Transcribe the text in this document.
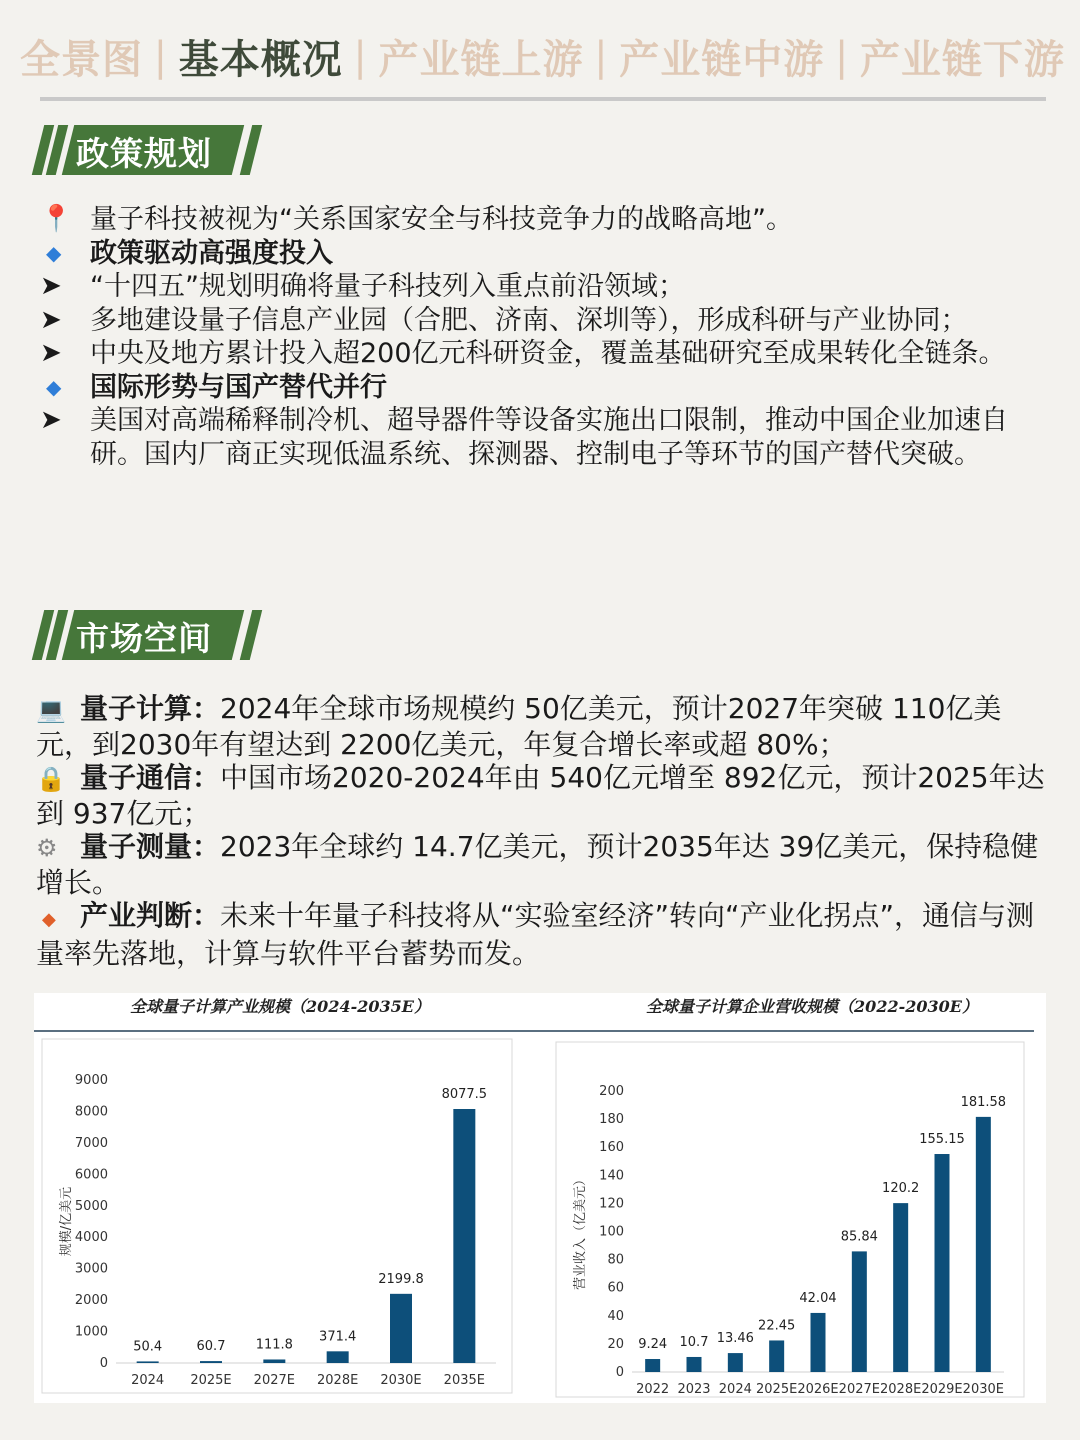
全景图 | 基本概况 | 产业链上游 | 产业链中游 | 产业链下游
政策规划
📍 量子科技被视为“关系国家安全与科技竞争力的战略高地”。
◆	政策驱动高强度投入
➤	“十四五”规划明确将量子科技列入重点前沿领域；
➤	多地建设量子信息产业园（合肥、济南、深圳等），形成科研与产业协同；
➤	中央及地方累计投入超200亿元科研资金，覆盖基础研究至成果转化全链条。
◆	国际形势与国产替代并行
➤	美国对高端稀释制冷机、超导器件等设备实施出口限制，推动中国企业加速自研。国内厂商正实现低温系统、探测器、控制电子等环节的国产替代突破。
市场空间

💻 量子计算：2024年全球市场规模约 50亿美元，预计2027年突破 110亿美元，到2030年有望达到 2200亿美元，年复合增长率或超 80%；

🔒 量子通信：中国市场2020-2024年由 540亿元增至 892亿元，预计2025年达到 937亿元；

⚙ 量子测量：2023年全球约 14.7亿美元，预计2035年达 39亿美元，保持稳健增长。

◆ 产业判断：未来十年量子科技将从“实验室经济”转向“产业化拐点”，通信与测量率先落地，计算与软件平台蓄势而发。

全球量子计算产业规模（2024-2035E）
0
1000
2000
3000
4000
5000
6000
7000
8000
9000
规模/亿美元
50.4
2024
60.7
2025E
111.8
2027E
371.4
2028E
2199.8
2030E
8077.5
2035E
全球量子计算企业营收规模（2022-2030E）
0
20
40
60
80
100
120
140
160
180
200
营业收入（亿美元）
9.24
2022
10.7
2023
13.46
2024
22.45
2025E
42.04
2026E
85.84
2027E
120.2
2028E
155.15
2029E
181.58
2030E
